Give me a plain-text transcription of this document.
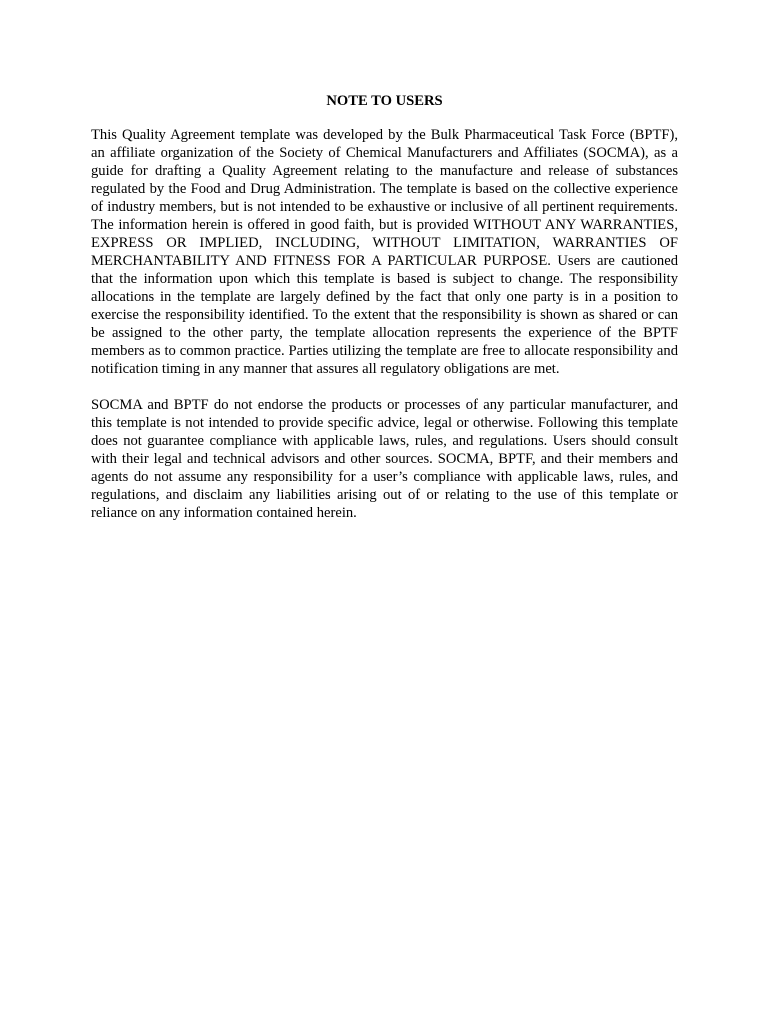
NOTE TO USERS

This Quality Agreement template was developed by the Bulk Pharmaceutical Task Force (BPTF), an affiliate organization of the Society of Chemical Manufacturers and Affiliates (SOCMA), as a guide for drafting a Quality Agreement relating to the manufacture and release of substances regulated by the Food and Drug Administration. The template is based on the collective experience of industry members, but is not intended to be exhaustive or inclusive of all pertinent requirements. The information herein is offered in good faith, but is provided WITHOUT ANY WARRANTIES, EXPRESS OR IMPLIED, INCLUDING, WITHOUT LIMITATION, WARRANTIES OF MERCHANTABILITY AND FITNESS FOR A PARTICULAR PURPOSE. Users are cautioned that the information upon which this template is based is subject to change. The responsibility allocations in the template are largely defined by the fact that only one party is in a position to exercise the responsibility identified. To the extent that the responsibility is shown as shared or can be assigned to the other party, the template allocation represents the experience of the BPTF members as to common practice. Parties utilizing the template are free to allocate responsibility and notification timing in any manner that assures all regulatory obligations are met.

SOCMA and BPTF do not endorse the products or processes of any particular manufacturer, and this template is not intended to provide specific advice, legal or otherwise. Following this template does not guarantee compliance with applicable laws, rules, and regulations. Users should consult with their legal and technical advisors and other sources. SOCMA, BPTF, and their members and agents do not assume any responsibility for a user’s compliance with applicable laws, rules, and regulations, and disclaim any liabilities arising out of or relating to the use of this template or reliance on any information contained herein.
